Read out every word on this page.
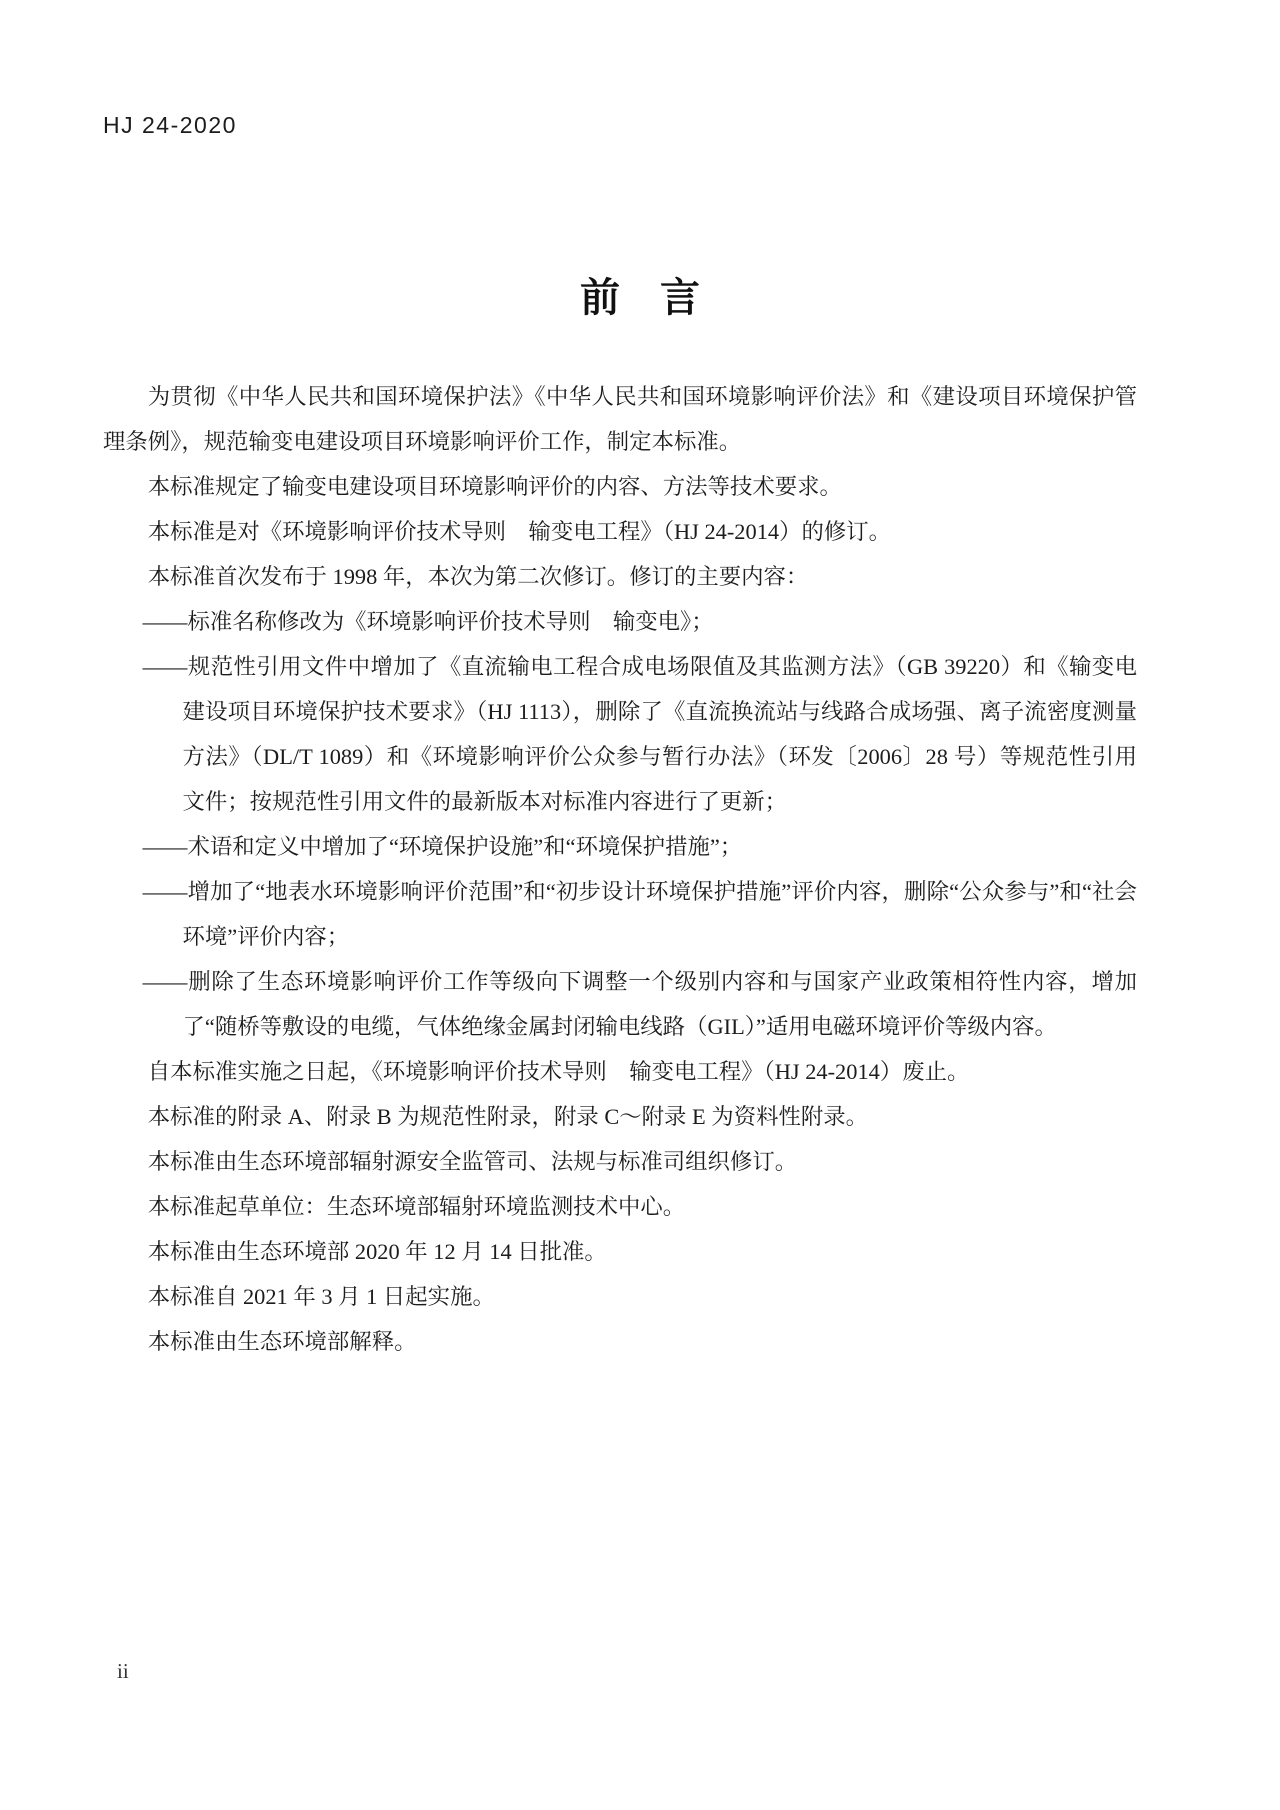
HJ 24-2020
前　言

为贯彻《中华人民共和国环境保护法》《中华人民共和国环境影响评价法》和《建设项目环境保护管理条例》，规范输变电建设项目环境影响评价工作，制定本标准。

本标准规定了输变电建设项目环境影响评价的内容、方法等技术要求。

本标准是对《环境影响评价技术导则　输变电工程》（HJ 24-2014）的修订。

本标准首次发布于 1998 年，本次为第二次修订。修订的主要内容：

——标准名称修改为《环境影响评价技术导则　输变电》；

——规范性引用文件中增加了《直流输电工程合成电场限值及其监测方法》（GB 39220）和《输变电建设项目环境保护技术要求》（HJ 1113），删除了《直流换流站与线路合成场强、离子流密度测量方法》（DL/T 1089）和《环境影响评价公众参与暂行办法》（环发〔2006〕28 号）等规范性引用文件；按规范性引用文件的最新版本对标准内容进行了更新；

——术语和定义中增加了“环境保护设施”和“环境保护措施”；

——增加了“地表水环境影响评价范围”和“初步设计环境保护措施”评价内容，删除“公众参与”和“社会环境”评价内容；

——删除了生态环境影响评价工作等级向下调整一个级别内容和与国家产业政策相符性内容，增加了“随桥等敷设的电缆，气体绝缘金属封闭输电线路（GIL）”适用电磁环境评价等级内容。

自本标准实施之日起，《环境影响评价技术导则　输变电工程》（HJ 24-2014）废止。

本标准的附录 A、附录 B 为规范性附录，附录 C～附录 E 为资料性附录。

本标准由生态环境部辐射源安全监管司、法规与标准司组织修订。

本标准起草单位：生态环境部辐射环境监测技术中心。

本标准由生态环境部 2020 年 12 月 14 日批准。

本标准自 2021 年 3 月 1 日起实施。

本标准由生态环境部解释。

ii
